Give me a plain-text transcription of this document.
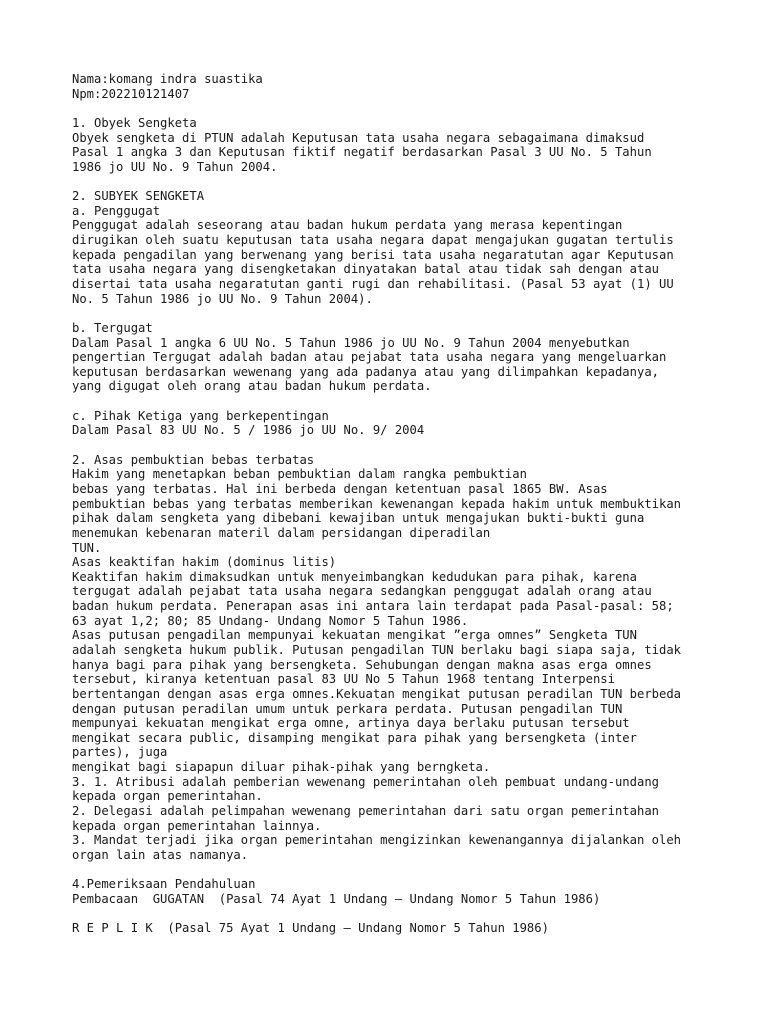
Nama:komang indra suastika
Npm:202210121407
1. Obyek Sengketa
Obyek sengketa di PTUN adalah Keputusan tata usaha negara sebagaimana dimaksud
Pasal 1 angka 3 dan Keputusan fiktif negatif berdasarkan Pasal 3 UU No. 5 Tahun
1986 jo UU No. 9 Tahun 2004.
2. SUBYEK SENGKETA
a. Penggugat
Penggugat adalah seseorang atau badan hukum perdata yang merasa kepentingan
dirugikan oleh suatu keputusan tata usaha negara dapat mengajukan gugatan tertulis
kepada pengadilan yang berwenang yang berisi tata usaha negaratutan agar Keputusan
tata usaha negara yang disengketakan dinyatakan batal atau tidak sah dengan atau
disertai tata usaha negaratutan ganti rugi dan rehabilitasi. (Pasal 53 ayat (1) UU
No. 5 Tahun 1986 jo UU No. 9 Tahun 2004).
b. Tergugat
Dalam Pasal 1 angka 6 UU No. 5 Tahun 1986 jo UU No. 9 Tahun 2004 menyebutkan
pengertian Tergugat adalah badan atau pejabat tata usaha negara yang mengeluarkan
keputusan berdasarkan wewenang yang ada padanya atau yang dilimpahkan kepadanya,
yang digugat oleh orang atau badan hukum perdata.
c. Pihak Ketiga yang berkepentingan
Dalam Pasal 83 UU No. 5 / 1986 jo UU No. 9/ 2004
2. Asas pembuktian bebas terbatas
Hakim yang menetapkan beban pembuktian dalam rangka pembuktian
bebas yang terbatas. Hal ini berbeda dengan ketentuan pasal 1865 BW. Asas
pembuktian bebas yang terbatas memberikan kewenangan kepada hakim untuk membuktikan
pihak dalam sengketa yang dibebani kewajiban untuk mengajukan bukti-bukti guna
menemukan kebenaran materil dalam persidangan diperadilan
TUN.
Asas keaktifan hakim (dominus litis)
Keaktifan hakim dimaksudkan untuk menyeimbangkan kedudukan para pihak, karena
tergugat adalah pejabat tata usaha negara sedangkan penggugat adalah orang atau
badan hukum perdata. Penerapan asas ini antara lain terdapat pada Pasal-pasal: 58;
63 ayat 1,2; 80; 85 Undang- Undang Nomor 5 Tahun 1986.
Asas putusan pengadilan mempunyai kekuatan mengikat ”erga omnes” Sengketa TUN
adalah sengketa hukum publik. Putusan pengadilan TUN berlaku bagi siapa saja, tidak
hanya bagi para pihak yang bersengketa. Sehubungan dengan makna asas erga omnes
tersebut, kiranya ketentuan pasal 83 UU No 5 Tahun 1968 tentang Interpensi
bertentangan dengan asas erga omnes.Kekuatan mengikat putusan peradilan TUN berbeda
dengan putusan peradilan umum untuk perkara perdata. Putusan pengadilan TUN
mempunyai kekuatan mengikat erga omne, artinya daya berlaku putusan tersebut
mengikat secara public, disamping mengikat para pihak yang bersengketa (inter
partes), juga
mengikat bagi siapapun diluar pihak-pihak yang berngketa.
3. 1. Atribusi adalah pemberian wewenang pemerintahan oleh pembuat undang-undang
kepada organ pemerintahan.
2. Delegasi adalah pelimpahan wewenang pemerintahan dari satu organ pemerintahan
kepada organ pemerintahan lainnya.
3. Mandat terjadi jika organ pemerintahan mengizinkan kewenangannya dijalankan oleh
organ lain atas namanya.
4.Pemeriksaan Pendahuluan
Pembacaan  GUGATAN  (Pasal 74 Ayat 1 Undang – Undang Nomor 5 Tahun 1986)
R E P L I K  (Pasal 75 Ayat 1 Undang – Undang Nomor 5 Tahun 1986)
